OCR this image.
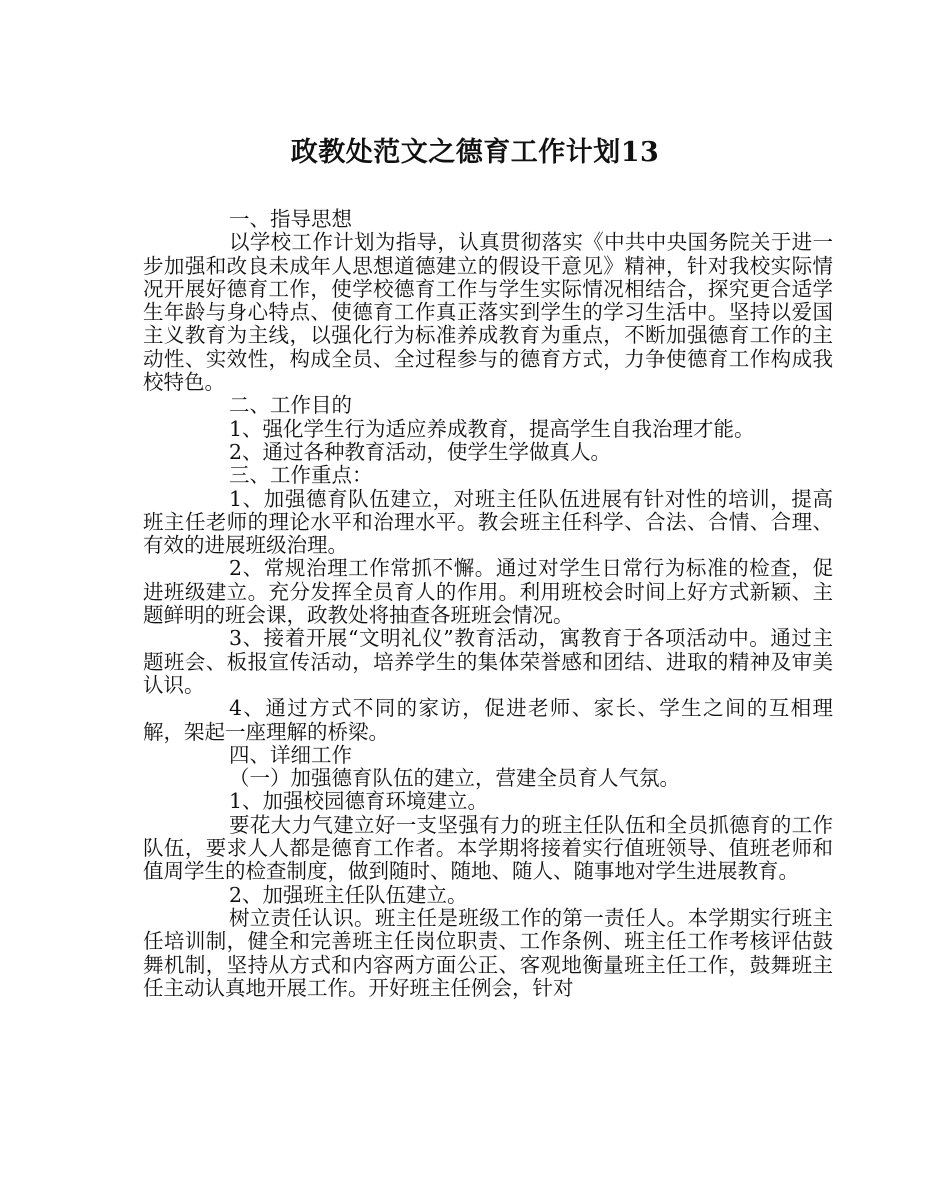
政教处范文之德育工作计划13

一、指导思想

以学校工作计划为指导，认真贯彻落实《中共中央国务院关于进一步加强和改良未成年人思想道德建立的假设干意见》精神，针对我校实际情况开展好德育工作，使学校德育工作与学生实际情况相结合，探究更合适学生年龄与身心特点、使德育工作真正落实到学生的学习生活中。坚持以爱国主义教育为主线，以强化行为标准养成教育为重点，不断加强德育工作的主动性、实效性，构成全员、全过程参与的德育方式，力争使德育工作构成我校特色。

二、工作目的

1、强化学生行为适应养成教育，提高学生自我治理才能。

2、通过各种教育活动，使学生学做真人。

三、工作重点：

1、加强德育队伍建立，对班主任队伍进展有针对性的培训，提高班主任老师的理论水平和治理水平。教会班主任科学、合法、合情、合理、有效的进展班级治理。

2、常规治理工作常抓不懈。通过对学生日常行为标准的检查，促进班级建立。充分发挥全员育人的作用。利用班校会时间上好方式新颖、主题鲜明的班会课，政教处将抽查各班班会情况。

3、接着开展“文明礼仪”教育活动，寓教育于各项活动中。通过主题班会、板报宣传活动，培养学生的集体荣誉感和团结、进取的精神及审美认识。

4、通过方式不同的家访，促进老师、家长、学生之间的互相理解，架起一座理解的桥梁。

四、详细工作

（一）加强德育队伍的建立，营建全员育人气氛。

1、加强校园德育环境建立。

要花大力气建立好一支坚强有力的班主任队伍和全员抓德育的工作队伍，要求人人都是德育工作者。本学期将接着实行值班领导、值班老师和值周学生的检查制度，做到随时、随地、随人、随事地对学生进展教育。

2、加强班主任队伍建立。

树立责任认识。班主任是班级工作的第一责任人。本学期实行班主任培训制，健全和完善班主任岗位职责、工作条例、班主任工作考核评估鼓舞机制，坚持从方式和内容两方面公正、客观地衡量班主任工作，鼓舞班主任主动认真地开展工作。开好班主任例会，针对
